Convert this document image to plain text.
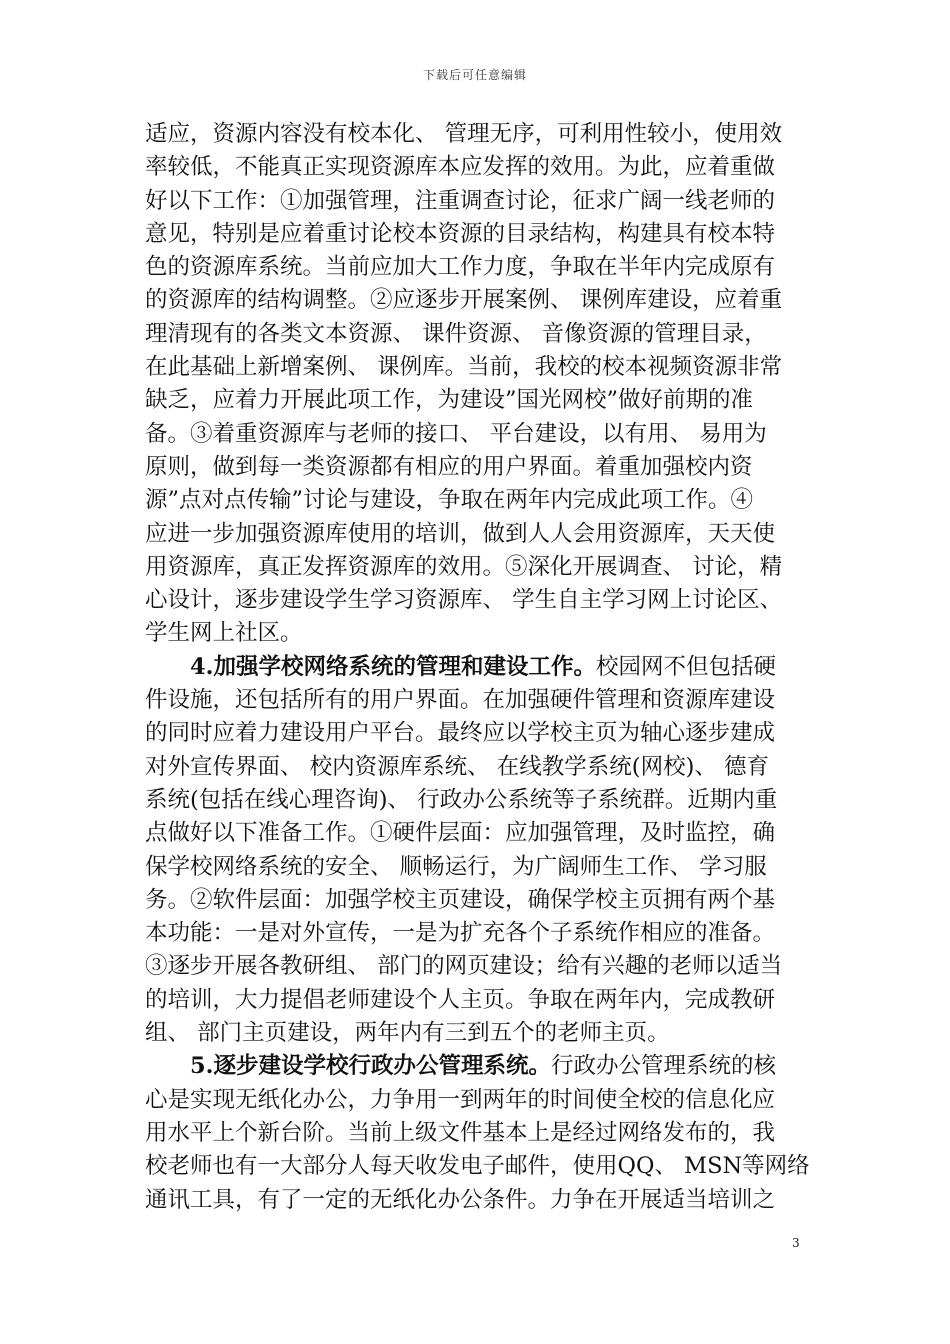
下载后可任意编辑
适应，资源内容没有校本化、 管理无序，可利用性较小，使用效
率较低，不能真正实现资源库本应发挥的效用。为此，应着重做
好以下工作：①加强管理，注重调查讨论，征求广阔一线老师的
意见，特别是应着重讨论校本资源的目录结构，构建具有校本特
色的资源库系统。当前应加大工作力度，争取在半年内完成原有
的资源库的结构调整。②应逐步开展案例、 课例库建设，应着重
理清现有的各类文本资源、 课件资源、 音像资源的管理目录，
在此基础上新增案例、 课例库。当前，我校的校本视频资源非常
缺乏，应着力开展此项工作，为建设”国光网校”做好前期的准
备。③着重资源库与老师的接口、 平台建设，以有用、 易用为
原则，做到每一类资源都有相应的用户界面。着重加强校内资
源”点对点传输”讨论与建设，争取在两年内完成此项工作。④
应进一步加强资源库使用的培训，做到人人会用资源库，天天使
用资源库，真正发挥资源库的效用。⑤深化开展调查、 讨论，精
心设计，逐步建设学生学习资源库、 学生自主学习网上讨论区、
学生网上社区。
4.加强学校网络系统的管理和建设工作。校园网不但包括硬
件设施，还包括所有的用户界面。在加强硬件管理和资源库建设
的同时应着力建设用户平台。最终应以学校主页为轴心逐步建成
对外宣传界面、 校内资源库系统、 在线教学系统(网校)、 德育
系统(包括在线心理咨询)、 行政办公系统等子系统群。近期内重
点做好以下准备工作。①硬件层面：应加强管理，及时监控，确
保学校网络系统的安全、 顺畅运行，为广阔师生工作、 学习服
务。②软件层面：加强学校主页建设，确保学校主页拥有两个基
本功能：一是对外宣传，一是为扩充各个子系统作相应的准备。
③逐步开展各教研组、 部门的网页建设；给有兴趣的老师以适当
的培训，大力提倡老师建设个人主页。争取在两年内，完成教研
组、 部门主页建设，两年内有三到五个的老师主页。
5.逐步建设学校行政办公管理系统。行政办公管理系统的核
心是实现无纸化办公，力争用一到两年的时间使全校的信息化应
用水平上个新台阶。当前上级文件基本上是经过网络发布的，我
校老师也有一大部分人每天收发电子邮件，使用QQ、 MSN等网络
通讯工具，有了一定的无纸化办公条件。力争在开展适当培训之
3
